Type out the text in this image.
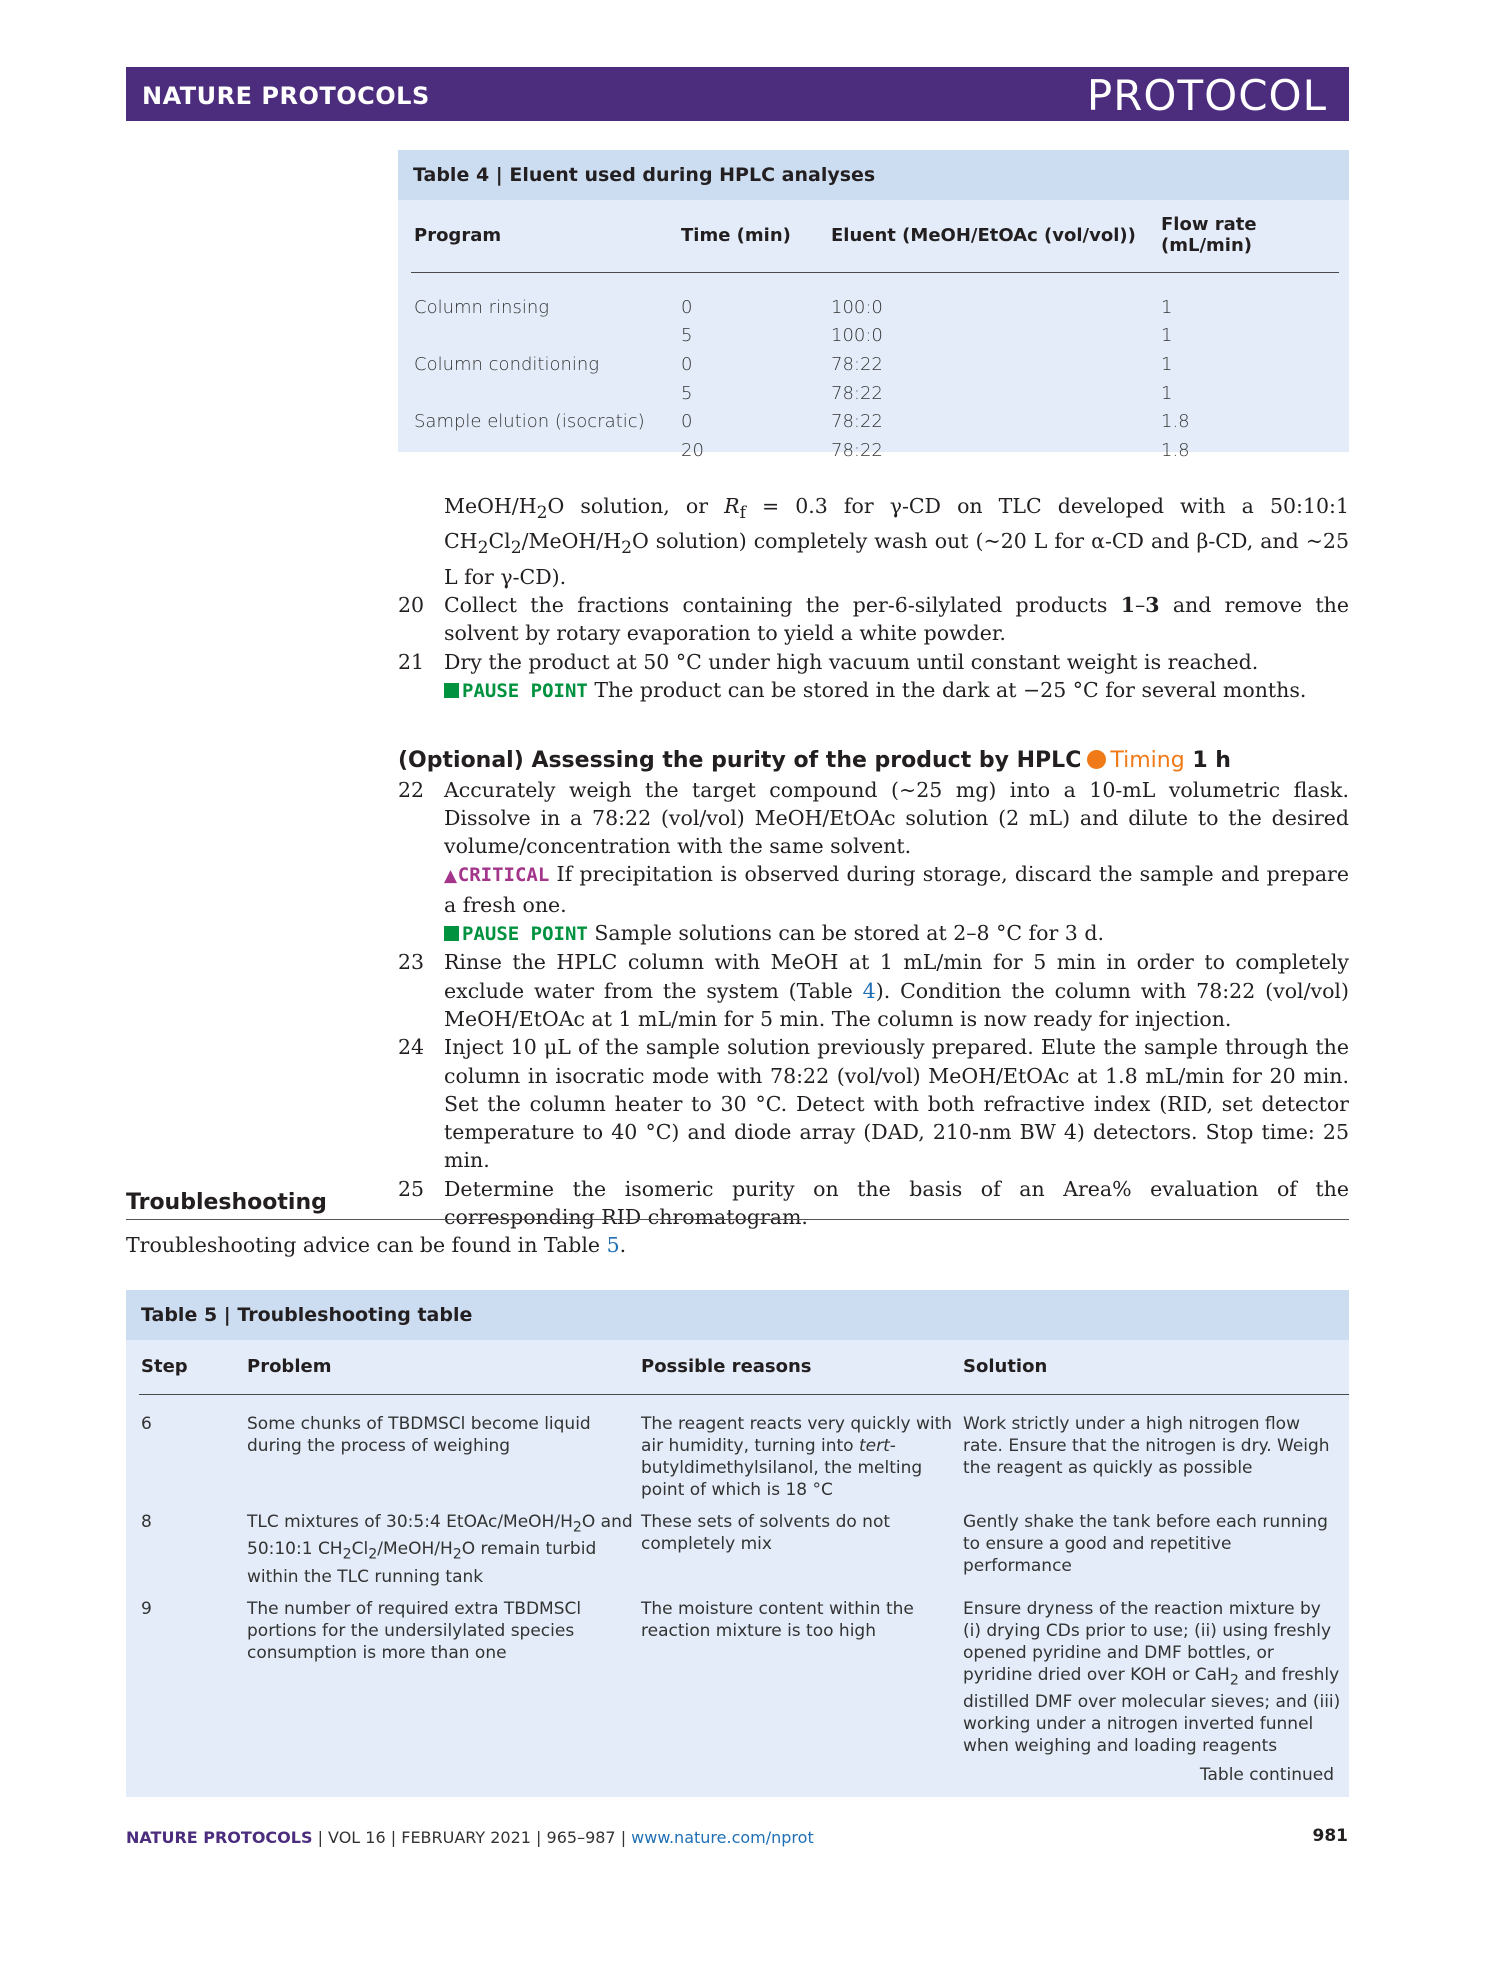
NATURE PROTOCOLS	PROTOCOL
Table 4 | Eluent used during HPLC analyses
Program	Time (min)	Eluent (MeOH/EtOAc (vol/vol))	Flow rate (mL/min)
Column rinsing	0	100:0	1
	5	100:0	1
Column conditioning	0	78:22	1
	5	78:22	1
Sample elution (isocratic)	0	78:22	1.8
	20	78:22	1.8
MeOH/$H_2O$ solution, or $R_f = 0.3$ for γ-CD on TLC developed with a 50:10:1 $CH_2Cl_2/MeOH/H_2O$ solution) completely wash out (~20 L for α-CD and β-CD, and ~25 L for γ-CD).
20 Collect the fractions containing the per-6-silylated products 1–3 and remove the solvent by rotary evaporation to yield a white powder.
21 Dry the product at 50 °C under high vacuum until constant weight is reached.
PAUSE POINT The product can be stored in the dark at −25 °C for several months.
(Optional) Assessing the purity of the product by HPLC Timing 1 h
22 Accurately weigh the target compound (∼25 mg) into a 10-mL volumetric flask. Dissolve in a 78:22 (vol/vol) MeOH/EtOAc solution (2 mL) and dilute to the desired volume/concentration with the same solvent.
▲CRITICAL If precipitation is observed during storage, discard the sample and prepare a fresh one.
PAUSE POINT Sample solutions can be stored at 2–8 °C for 3 d.
23 Rinse the HPLC column with MeOH at 1 mL/min for 5 min in order to completely exclude water from the system (Table 4). Condition the column with 78:22 (vol/vol) MeOH/EtOAc at 1 mL/min for 5 min. The column is now ready for injection.
24 Inject 10 μL of the sample solution previously prepared. Elute the sample through the column in isocratic mode with 78:22 (vol/vol) MeOH/EtOAc at 1.8 mL/min for 20 min. Set the column heater to 30 °C. Detect with both refractive index (RID, set detector temperature to 40 °C) and diode array (DAD, 210-nm BW 4) detectors. Stop time: 25 min.
25 Determine the isomeric purity on the basis of an Area% evaluation of the corresponding RID chromatogram.
Troubleshooting
Troubleshooting advice can be found in Table 5.
Table 5 | Troubleshooting table
Step	Problem	Possible reasons	Solution
6	Some chunks of TBDMSCl become liquid during the process of weighing	The reagent reacts very quickly with air humidity, turning into tert-butyldimethylsilanol, the melting point of which is 18 °C	Work strictly under a high nitrogen flow rate. Ensure that the nitrogen is dry. Weigh the reagent as quickly as possible
8	TLC mixtures of 30:5:4 EtOAc/$MeOH/H_2O$ and 50:10:1 $CH_2Cl_2/MeOH/H_2O$ remain turbid within the TLC running tank	These sets of solvents do not completely mix	Gently shake the tank before each running to ensure a good and repetitive performance
9	The number of required extra TBDMSCl portions for the undersilylated species consumption is more than one	The moisture content within the reaction mixture is too high	Ensure dryness of the reaction mixture by (i) drying CDs prior to use; (ii) using freshly opened pyridine and DMF bottles, or pyridine dried over KOH or CaH$_2$ and freshly distilled DMF over molecular sieves; and (iii) working under a nitrogen inverted funnel when weighing and loading reagents
Table continued
NATURE PROTOCOLS | VOL 16 | FEBRUARY 2021 | 965–987 | www.nature.com/nprot	981
